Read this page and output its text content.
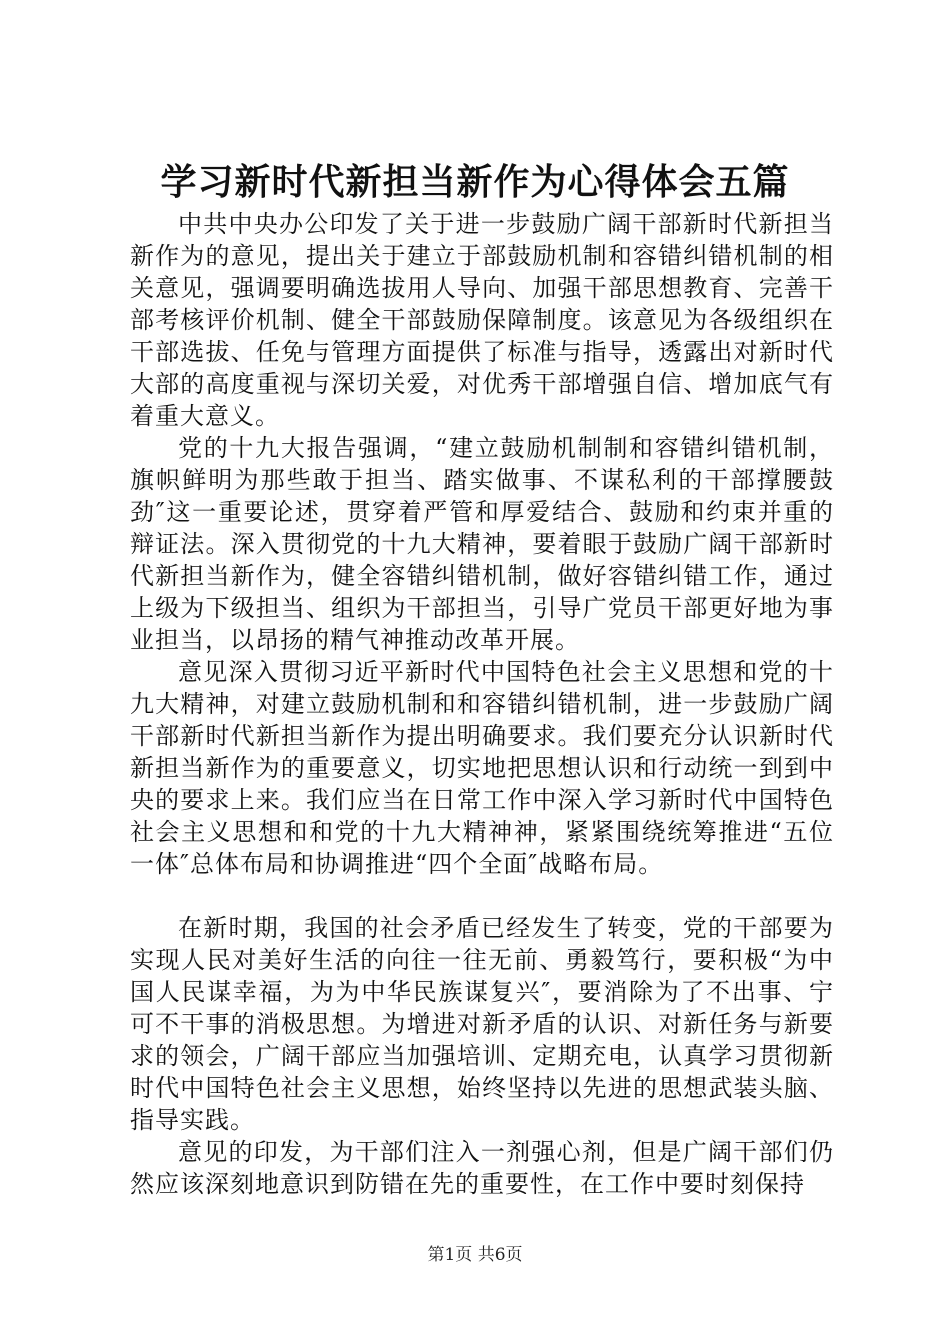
学习新时代新担当新作为心得体会五篇

中共中央办公印发了关于进一步鼓励广阔干部新时代新担当新作为的意见，提出关于建立于部鼓励机制和容错纠错机制的相关意见，强调要明确选拔用人导向、加强干部思想教育、完善干部考核评价机制、健全干部鼓励保障制度。该意见为各级组织在干部选拔、任免与管理方面提供了标准与指导，透露出对新时代大部的高度重视与深切关爱，对优秀干部增强自信、增加底气有着重大意义。

党的十九大报告强调，“建立鼓励机制制和容错纠错机制，旗帜鲜明为那些敢于担当、踏实做事、不谋私利的干部撑腰鼓劲″这一重要论述，贯穿着严管和厚爱结合、鼓励和约束并重的辩证法。深入贯彻党的十九大精神，要着眼于鼓励广阔干部新时代新担当新作为，健全容错纠错机制，做好容错纠错工作，通过上级为下级担当、组织为干部担当，引导广党员干部更好地为事业担当，以昂扬的精气神推动改革开展。

意见深入贯彻习近平新时代中国特色社会主义思想和党的十九大精神，对建立鼓励机制和和容错纠错机制，进一步鼓励广阔干部新时代新担当新作为提出明确要求。我们要充分认识新时代新担当新作为的重要意义，切实地把思想认识和行动统一到到中央的要求上来。我们应当在日常工作中深入学习新时代中国特色社会主义思想和和党的十九大精神神，紧紧围绕统筹推进“五位一体″总体布局和协调推进“四个全面″战略布局。

在新时期，我国的社会矛盾已经发生了转变，党的干部要为实现人民对美好生活的向往一往无前、勇毅笃行，要积极“为中国人民谋幸福，为为中华民族谋复兴″，要消除为了不出事、宁可不干事的消极思想。为增进对新矛盾的认识、对新任务与新要求的领会，广阔干部应当加强培训、定期充电，认真学习贯彻新时代中国特色社会主义思想，始终坚持以先进的思想武装头脑、指导实践。

意见的印发，为干部们注入一剂强心剂，但是广阔干部们仍然应该深刻地意识到防错在先的重要性，在工作中要时刻保持

第1页 共6页
